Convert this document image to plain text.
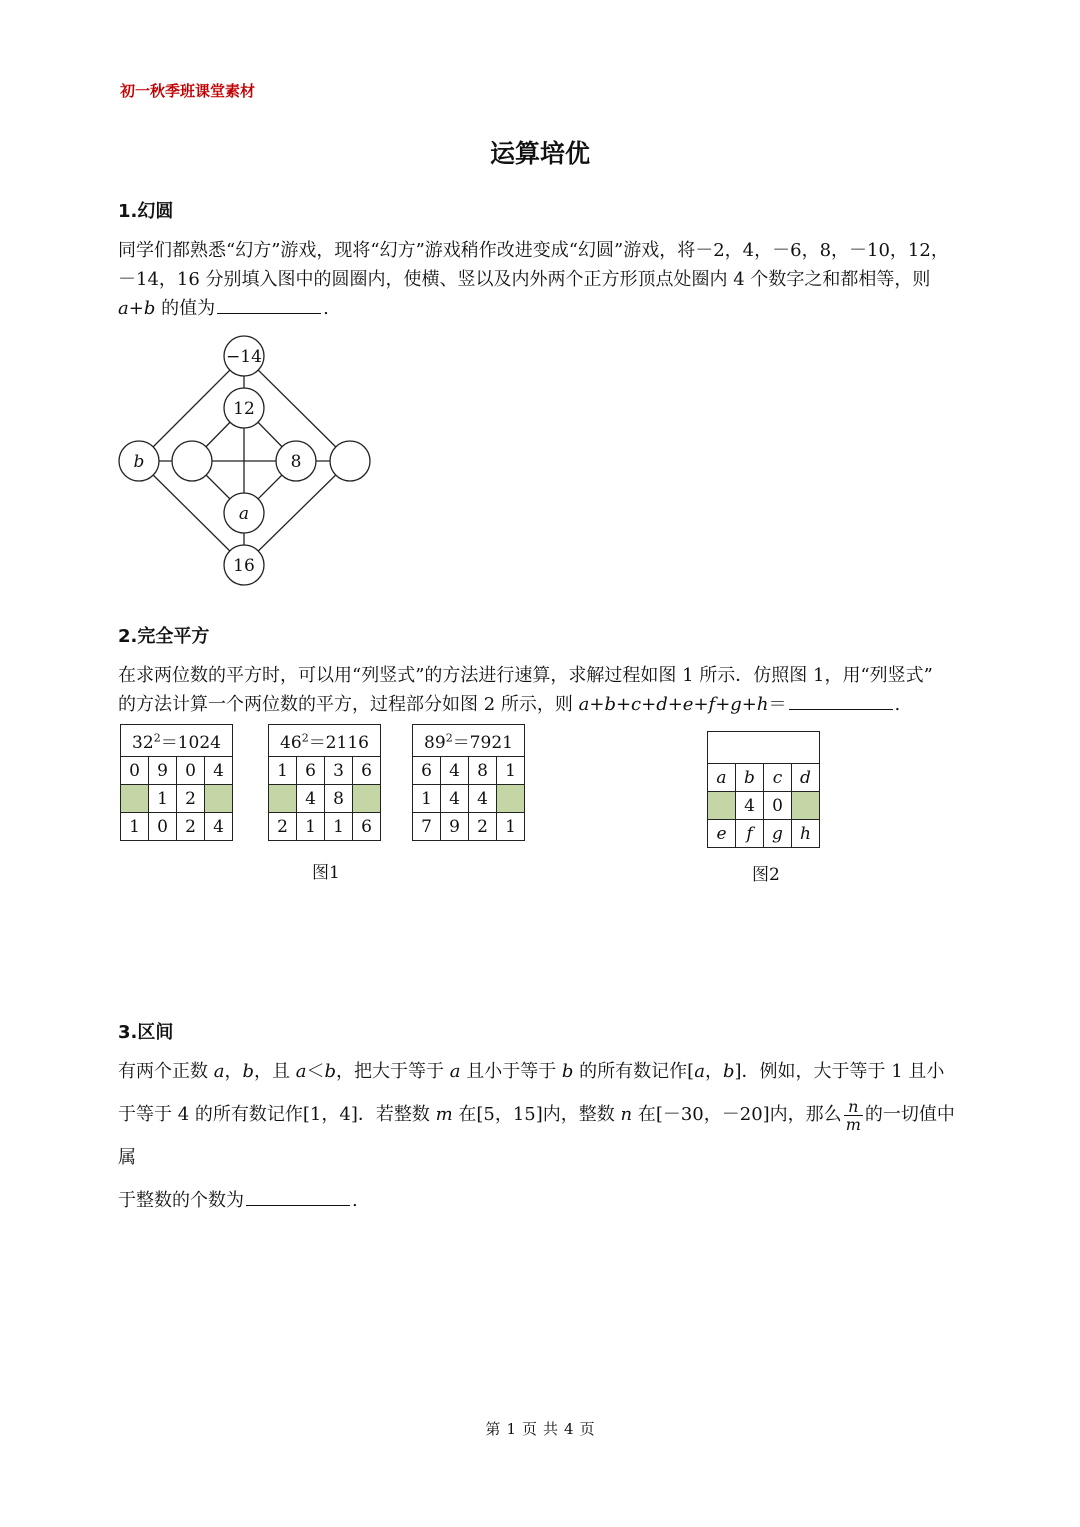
初一秋季班课堂素材
运算培优
1.幻圆
同学们都熟悉“幻方”游戏，现将“幻方”游戏稍作改进变成“幻圆”游戏，将－2，4，－6，8，－10，12，
－14，16 分别填入图中的圆圈内，使横、竖以及内外两个正方形顶点处圈内 4 个数字之和都相等，则
a+b 的值为	.
−14
12
b	8
a
16
2.完全平方
在求两位数的平方时，可以用“列竖式”的方法进行速算，求解过程如图 1 所示．仿照图 1，用“列竖式”
的方法计算一个两位数的平方，过程部分如图 2 所示，则 a+b+c+d+e+f+g+h＝	.
$32^2=1024$			
0	9	0	4
	1	2	
1	0	2	4
$46^2=2116$			
1	6	3	6
	4	8	
2	1	1	6
$89^2=7921$			
6	4	8	1
1	4	4	
7	9	2	1
图1

a	b	c	d
	4	0	
e	f	g	h
图2
3.区间
有两个正数 a，b，且 a＜b，把大于等于 a 且小于等于 b 的所有数记作[a，b]．例如，大于等于 1 且小
于等于 4 的所有数记作[1，4]．若整数 m 在[5，15]内，整数 n 在[－30，－20]内，那么 $\frac{n}{m}$ 的一切值中属
于整数的个数为	.
第 1 页 共 4 页
